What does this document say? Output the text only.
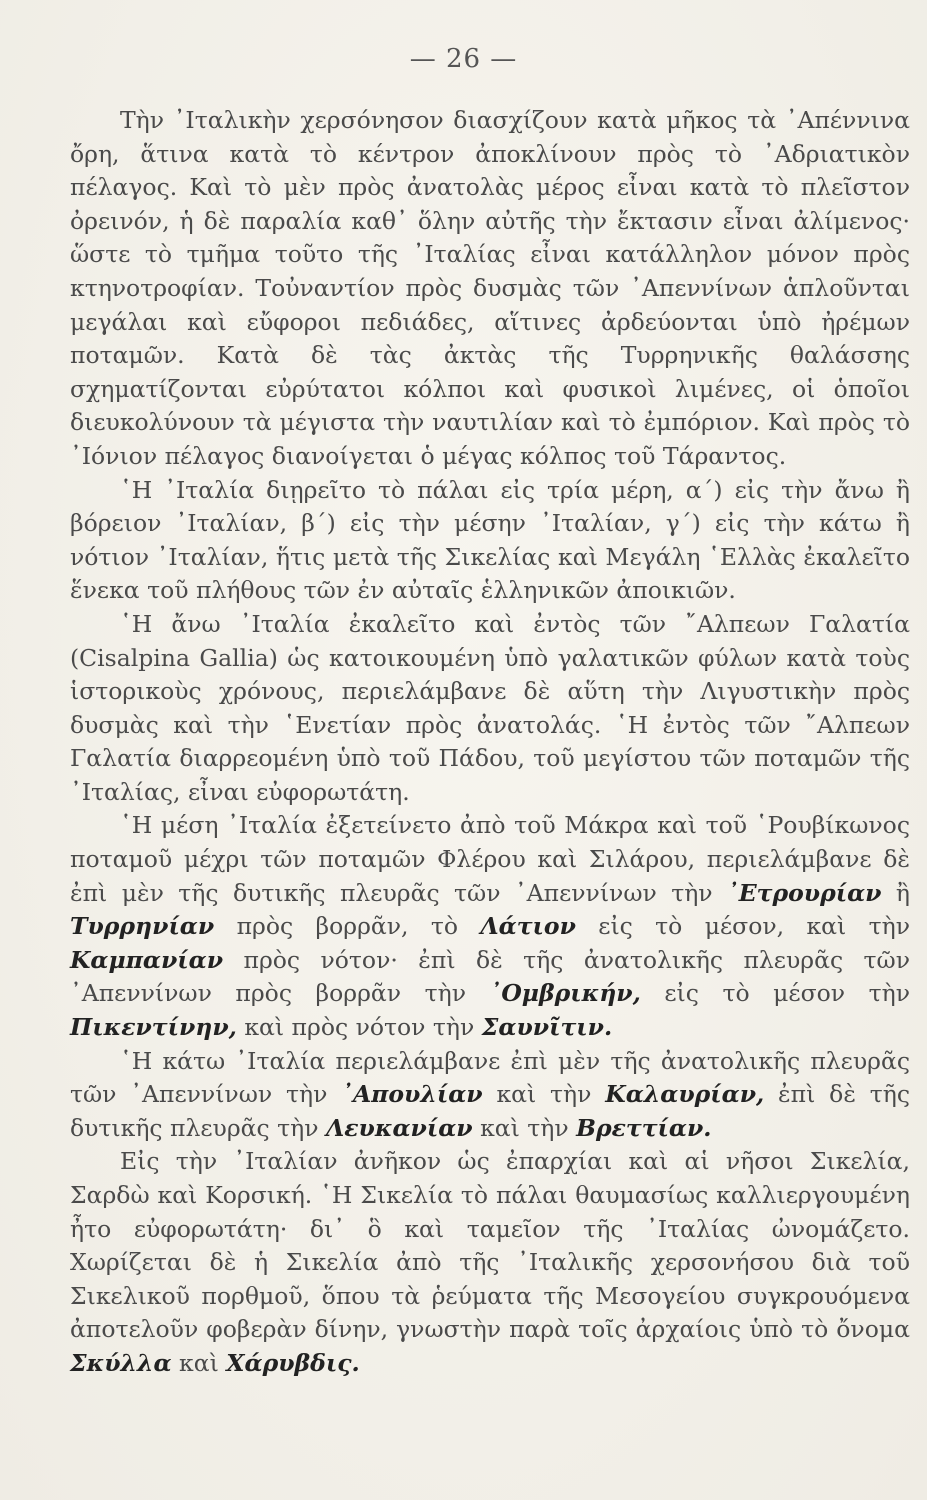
— 26 —

Τὴν ᾿Ιταλικὴν χερσόνησον διασχίζουν κατὰ μῆκος τὰ ᾿Απέννινα ὄρη, ἅτινα κατὰ τὸ κέντρον ἀποκλίνουν πρὸς τὸ ᾿Αδριατικὸν πέλαγος. Καὶ τὸ μὲν πρὸς ἀνατολὰς μέρος εἶναι κατὰ τὸ πλεῖστον ὀρεινόν, ἡ δὲ παραλία καθ᾿ ὅλην αὐτῆς τὴν ἔκτασιν εἶναι ἀλίμενος· ὥστε τὸ τμῆμα τοῦτο τῆς ᾿Ιταλίας εἶναι κατάλληλον μόνον πρὸς κτηνοτροφίαν. Τοὐναντίον πρὸς δυσμὰς τῶν ᾿Απεννίνων ἁπλοῦνται μεγάλαι καὶ εὔφοροι πεδιάδες, αἵτινες ἀρδεύονται ὑπὸ ἠρέμων ποταμῶν. Κατὰ δὲ τὰς ἀκτὰς τῆς Τυρρηνικῆς θαλάσσης σχηματίζονται εὐρύτατοι κόλποι καὶ φυσικοὶ λιμένες, οἱ ὁποῖοι διευκολύνουν τὰ μέγιστα τὴν ναυτιλίαν καὶ τὸ ἐμπόριον. Καὶ πρὸς τὸ ᾿Ιόνιον πέλαγος διανοίγεται ὁ μέγας κόλπος τοῦ Τάραντος.

῾Η ᾿Ιταλία διῃρεῖτο τὸ πάλαι εἰς τρία μέρη, α΄) εἰς τὴν ἄνω ἢ βόρειον ᾿Ιταλίαν, β΄) εἰς τὴν μέσην ᾿Ιταλίαν, γ΄) εἰς τὴν κάτω ἢ νότιον ᾿Ιταλίαν, ἥτις μετὰ τῆς Σικελίας καὶ Μεγάλη ῾Ελλὰς ἐκαλεῖτο ἕνεκα τοῦ πλήθους τῶν ἐν αὐταῖς ἑλληνικῶν ἀποικιῶν.

῾Η ἄνω ᾿Ιταλία ἐκαλεῖτο καὶ ἐντὸς τῶν ῎Αλπεων Γαλατία (Cisalpina Gallia) ὡς κατοικουμένη ὑπὸ γαλατικῶν φύλων κατὰ τοὺς ἱστορικοὺς χρόνους, περιελάμβανε δὲ αὕτη τὴν Λιγυστικὴν πρὸς δυσμὰς καὶ τὴν ῾Ενετίαν πρὸς ἀνατολάς. ῾Η ἐντὸς τῶν ῎Αλπεων Γαλατία διαρρεομένη ὑπὸ τοῦ Πάδου, τοῦ μεγίστου τῶν ποταμῶν τῆς ᾿Ιταλίας, εἶναι εὐφορωτάτη.

῾Η μέση ᾿Ιταλία ἐξετείνετο ἀπὸ τοῦ Μάκρα καὶ τοῦ ῾Ρουβίκωνος ποταμοῦ μέχρι τῶν ποταμῶν Φλέρου καὶ Σιλάρου, περιελάμβανε δὲ ἐπὶ μὲν τῆς δυτικῆς πλευρᾶς τῶν ᾿Απεννίνων τὴν ᾿Ετρουρίαν ἢ Τυρρηνίαν πρὸς βορρᾶν, τὸ Λάτιον εἰς τὸ μέσον, καὶ τὴν Καμπανίαν πρὸς νότον· ἐπὶ δὲ τῆς ἀνατολικῆς πλευρᾶς τῶν ᾿Απεννίνων πρὸς βορρᾶν τὴν ᾿Ομβρικήν, εἰς τὸ μέσον τὴν Πικεντίνην, καὶ πρὸς νότον τὴν Σαυνῖτιν.

῾Η κάτω ᾿Ιταλία περιελάμβανε ἐπὶ μὲν τῆς ἀνατολικῆς πλευρᾶς τῶν ᾿Απεννίνων τὴν ᾿Απουλίαν καὶ τὴν Καλαυρίαν, ἐπὶ δὲ τῆς δυτικῆς πλευρᾶς τὴν Λευκανίαν καὶ τὴν Βρεττίαν.

Εἰς τὴν ᾿Ιταλίαν ἀνῆκον ὡς ἐπαρχίαι καὶ αἱ νῆσοι Σικελία, Σαρδὼ καὶ Κορσική. ῾Η Σικελία τὸ πάλαι θαυμασίως καλλιεργουμένη ἦτο εὐφορωτάτη· δι᾿ ὃ καὶ ταμεῖον τῆς ᾿Ιταλίας ὠνομάζετο. Χωρίζεται δὲ ἡ Σικελία ἀπὸ τῆς ᾿Ιταλικῆς χερσονήσου διὰ τοῦ Σικελικοῦ πορθμοῦ, ὅπου τὰ ῥεύματα τῆς Μεσογείου συγκρουόμενα ἀποτελοῦν φοβερὰν δίνην, γνωστὴν παρὰ τοῖς ἀρχαίοις ὑπὸ τὸ ὄνομα Σκύλλα καὶ Χάρυβδις.
